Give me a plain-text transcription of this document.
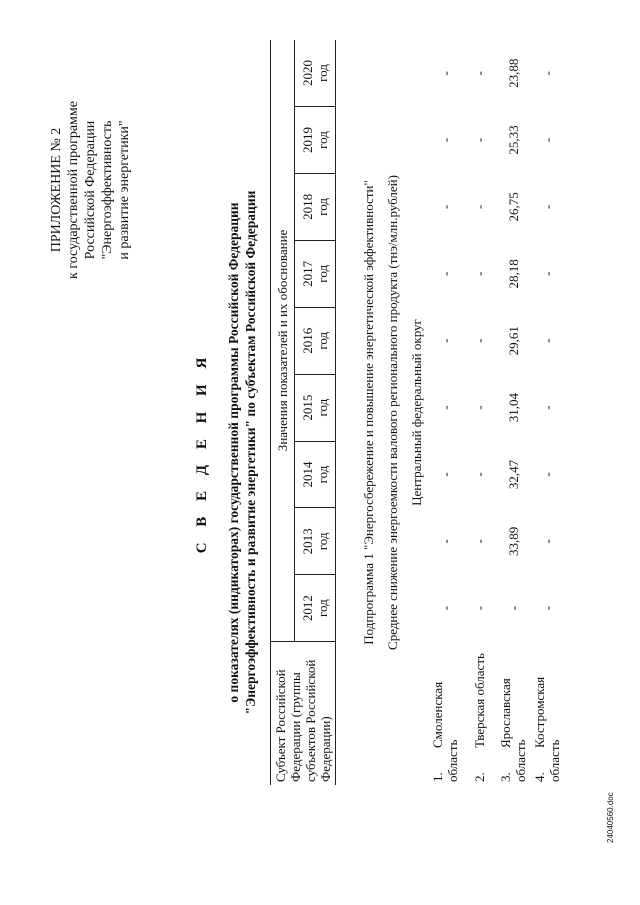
ПРИЛОЖЕНИЕ № 2 к государственной программе Российской Федерации "Энергоэффективность и развитие энергетики"
С В Е Д Е Н И Я о показателях (индикаторах) государственной программы Российской Федерации "Энергоэффективность и развитие энергетики" по субъектам Российской Федерации
Субъект Российской Федерации (группы субъектов Российской Федерации)	Значения показателей и их обоснование								

	2012 год	2013 год	2014 год	2015 год	2016 год	2017 год	2018 год	2019 год	2020 год

Подпрограмма 1 "Энергосбережение и повышение энергетической эффективности"									
Среднее снижение энергоемкости валового регионального продукта (тнэ/млн.рублей)									
Центральный федеральный округ									
1.Смоленская область	-	-	-	-	-	-	-	-	-
2.Тверская область	-	-	-	-	-	-	-	-	-
3.Ярославская область	-	33,89	32,47	31,04	29,61	28,18	26,75	25,33	23,88
4.Костромская область	-	-	-	-	-	-	-	-	-
24040560.doc
